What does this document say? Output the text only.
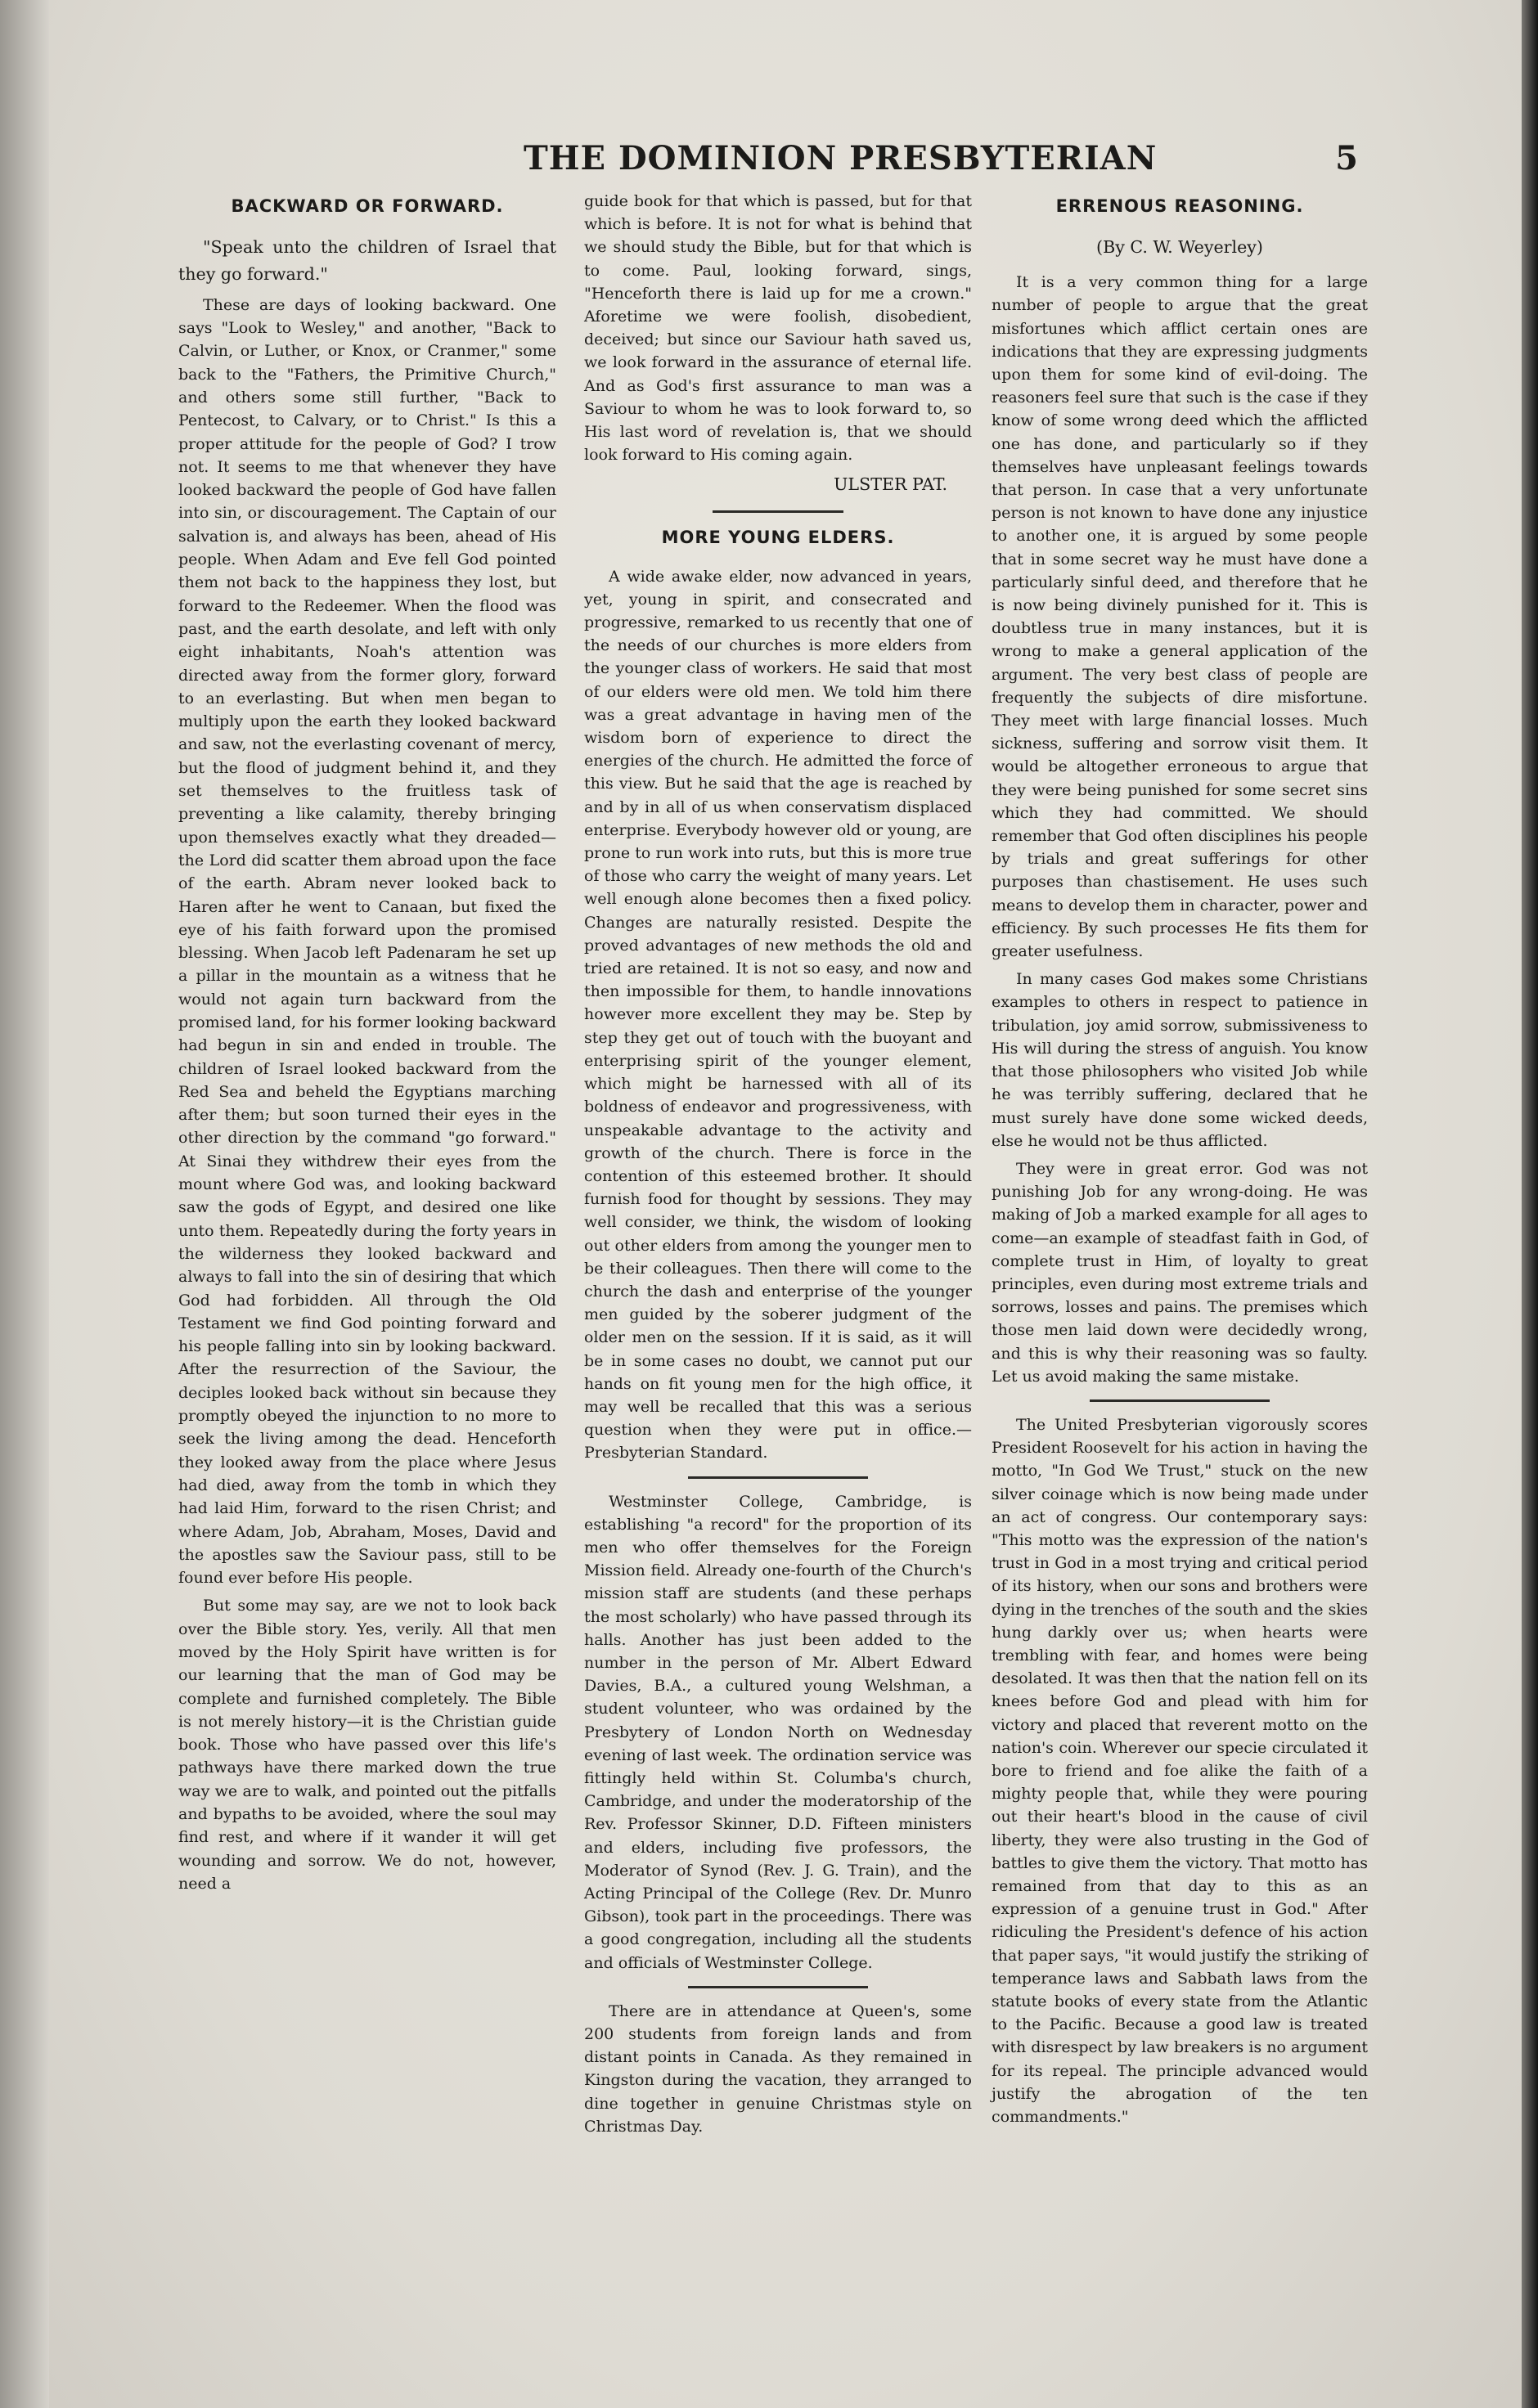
THE DOMINION PRESBYTERIAN	5
BACKWARD OR FORWARD.

"Speak unto the children of Israel that they go forward."

These are days of looking backward. One says "Look to Wesley," and another, "Back to Calvin, or Luther, or Knox, or Cranmer," some back to the "Fathers, the Primitive Church," and others some still further, "Back to Pentecost, to Calvary, or to Christ." Is this a proper attitude for the people of God? I trow not. It seems to me that whenever they have looked backward the people of God have fallen into sin, or discouragement. The Captain of our salvation is, and always has been, ahead of His people. When Adam and Eve fell God pointed them not back to the happiness they lost, but forward to the Redeemer. When the flood was past, and the earth desolate, and left with only eight inhabitants, Noah's attention was directed away from the former glory, forward to an everlasting. But when men began to multiply upon the earth they looked backward and saw, not the everlasting covenant of mercy, but the flood of judgment behind it, and they set themselves to the fruitless task of preventing a like calamity, thereby bringing upon themselves exactly what they dreaded—the Lord did scatter them abroad upon the face of the earth. Abram never looked back to Haren after he went to Canaan, but fixed the eye of his faith forward upon the promised blessing. When Jacob left Padenaram he set up a pillar in the mountain as a witness that he would not again turn backward from the promised land, for his former looking backward had begun in sin and ended in trouble. The children of Israel looked backward from the Red Sea and beheld the Egyptians marching after them; but soon turned their eyes in the other direction by the command "go forward." At Sinai they withdrew their eyes from the mount where God was, and looking backward saw the gods of Egypt, and desired one like unto them. Repeatedly during the forty years in the wilderness they looked backward and always to fall into the sin of desiring that which God had forbidden. All through the Old Testament we find God pointing forward and his people falling into sin by looking backward. After the resurrection of the Saviour, the deciples looked back without sin because they promptly obeyed the injunction to no more to seek the living among the dead. Henceforth they looked away from the place where Jesus had died, away from the tomb in which they had laid Him, forward to the risen Christ; and where Adam, Job, Abraham, Moses, David and the apostles saw the Saviour pass, still to be found ever before His people.

But some may say, are we not to look back over the Bible story. Yes, verily. All that men moved by the Holy Spirit have written is for our learning that the man of God may be complete and furnished completely. The Bible is not merely history—it is the Christian guide book. Those who have passed over this life's pathways have there marked down the true way we are to walk, and pointed out the pitfalls and bypaths to be avoided, where the soul may find rest, and where if it wander it will get wounding and sorrow. We do not, however, need a

guide book for that which is passed, but for that which is before. It is not for what is behind that we should study the Bible, but for that which is to come. Paul, looking forward, sings, "Henceforth there is laid up for me a crown." Aforetime we were foolish, disobedient, deceived; but since our Saviour hath saved us, we look forward in the assurance of eternal life. And as God's first assurance to man was a Saviour to whom he was to look forward to, so His last word of revelation is, that we should look forward to His coming again.

ULSTER PAT.
MORE YOUNG ELDERS.

A wide awake elder, now advanced in years, yet, young in spirit, and consecrated and progressive, remarked to us recently that one of the needs of our churches is more elders from the younger class of workers. He said that most of our elders were old men. We told him there was a great advantage in having men of the wisdom born of experience to direct the energies of the church. He admitted the force of this view. But he said that the age is reached by and by in all of us when conservatism displaced enterprise. Everybody however old or young, are prone to run work into ruts, but this is more true of those who carry the weight of many years. Let well enough alone becomes then a fixed policy. Changes are naturally resisted. Despite the proved advantages of new methods the old and tried are retained. It is not so easy, and now and then impossible for them, to handle innovations however more excellent they may be. Step by step they get out of touch with the buoyant and enterprising spirit of the younger element, which might be harnessed with all of its boldness of endeavor and progressiveness, with unspeakable advantage to the activity and growth of the church. There is force in the contention of this esteemed brother. It should furnish food for thought by sessions. They may well consider, we think, the wisdom of looking out other elders from among the younger men to be their colleagues. Then there will come to the church the dash and enterprise of the younger men guided by the soberer judgment of the older men on the session. If it is said, as it will be in some cases no doubt, we cannot put our hands on fit young men for the high office, it may well be recalled that this was a serious question when they were put in office.—Presbyterian Standard.

Westminster College, Cambridge, is establishing "a record" for the proportion of its men who offer themselves for the Foreign Mission field. Already one-fourth of the Church's mission staff are students (and these perhaps the most scholarly) who have passed through its halls. Another has just been added to the number in the person of Mr. Albert Edward Davies, B.A., a cultured young Welshman, a student volunteer, who was ordained by the Presbytery of London North on Wednesday evening of last week. The ordination service was fittingly held within St. Columba's church, Cambridge, and under the moderatorship of the Rev. Professor Skinner, D.D. Fifteen ministers and elders, including five professors, the Moderator of Synod (Rev. J. G. Train), and the Acting Principal of the College (Rev. Dr. Munro Gibson), took part in the proceedings. There was a good congregation, including all the students and officials of Westminster College.

There are in attendance at Queen's, some 200 students from foreign lands and from distant points in Canada. As they remained in Kingston during the vacation, they arranged to dine together in genuine Christmas style on Christmas Day.

ERRENOUS REASONING.
(By C. W. Weyerley)

It is a very common thing for a large number of people to argue that the great misfortunes which afflict certain ones are indications that they are expressing judgments upon them for some kind of evil-doing. The reasoners feel sure that such is the case if they know of some wrong deed which the afflicted one has done, and particularly so if they themselves have unpleasant feelings towards that person. In case that a very unfortunate person is not known to have done any injustice to another one, it is argued by some people that in some secret way he must have done a particularly sinful deed, and therefore that he is now being divinely punished for it. This is doubtless true in many instances, but it is wrong to make a general application of the argument. The very best class of people are frequently the subjects of dire misfortune. They meet with large financial losses. Much sickness, suffering and sorrow visit them. It would be altogether erroneous to argue that they were being punished for some secret sins which they had committed. We should remember that God often disciplines his people by trials and great sufferings for other purposes than chastisement. He uses such means to develop them in character, power and efficiency. By such processes He fits them for greater usefulness.

In many cases God makes some Christians examples to others in respect to patience in tribulation, joy amid sorrow, submissiveness to His will during the stress of anguish. You know that those philosophers who visited Job while he was terribly suffering, declared that he must surely have done some wicked deeds, else he would not be thus afflicted.

They were in great error. God was not punishing Job for any wrong-doing. He was making of Job a marked example for all ages to come—an example of steadfast faith in God, of complete trust in Him, of loyalty to great principles, even during most extreme trials and sorrows, losses and pains. The premises which those men laid down were decidedly wrong, and this is why their reasoning was so faulty. Let us avoid making the same mistake.

The United Presbyterian vigorously scores President Roosevelt for his action in having the motto, "In God We Trust," stuck on the new silver coinage which is now being made under an act of congress. Our contemporary says: "This motto was the expression of the nation's trust in God in a most trying and critical period of its history, when our sons and brothers were dying in the trenches of the south and the skies hung darkly over us; when hearts were trembling with fear, and homes were being desolated. It was then that the nation fell on its knees before God and plead with him for victory and placed that reverent motto on the nation's coin. Wherever our specie circulated it bore to friend and foe alike the faith of a mighty people that, while they were pouring out their heart's blood in the cause of civil liberty, they were also trusting in the God of battles to give them the victory. That motto has remained from that day to this as an expression of a genuine trust in God." After ridiculing the President's defence of his action that paper says, "it would justify the striking of temperance laws and Sabbath laws from the statute books of every state from the Atlantic to the Pacific. Because a good law is treated with disrespect by law breakers is no argument for its repeal. The principle advanced would justify the abrogation of the ten commandments."
